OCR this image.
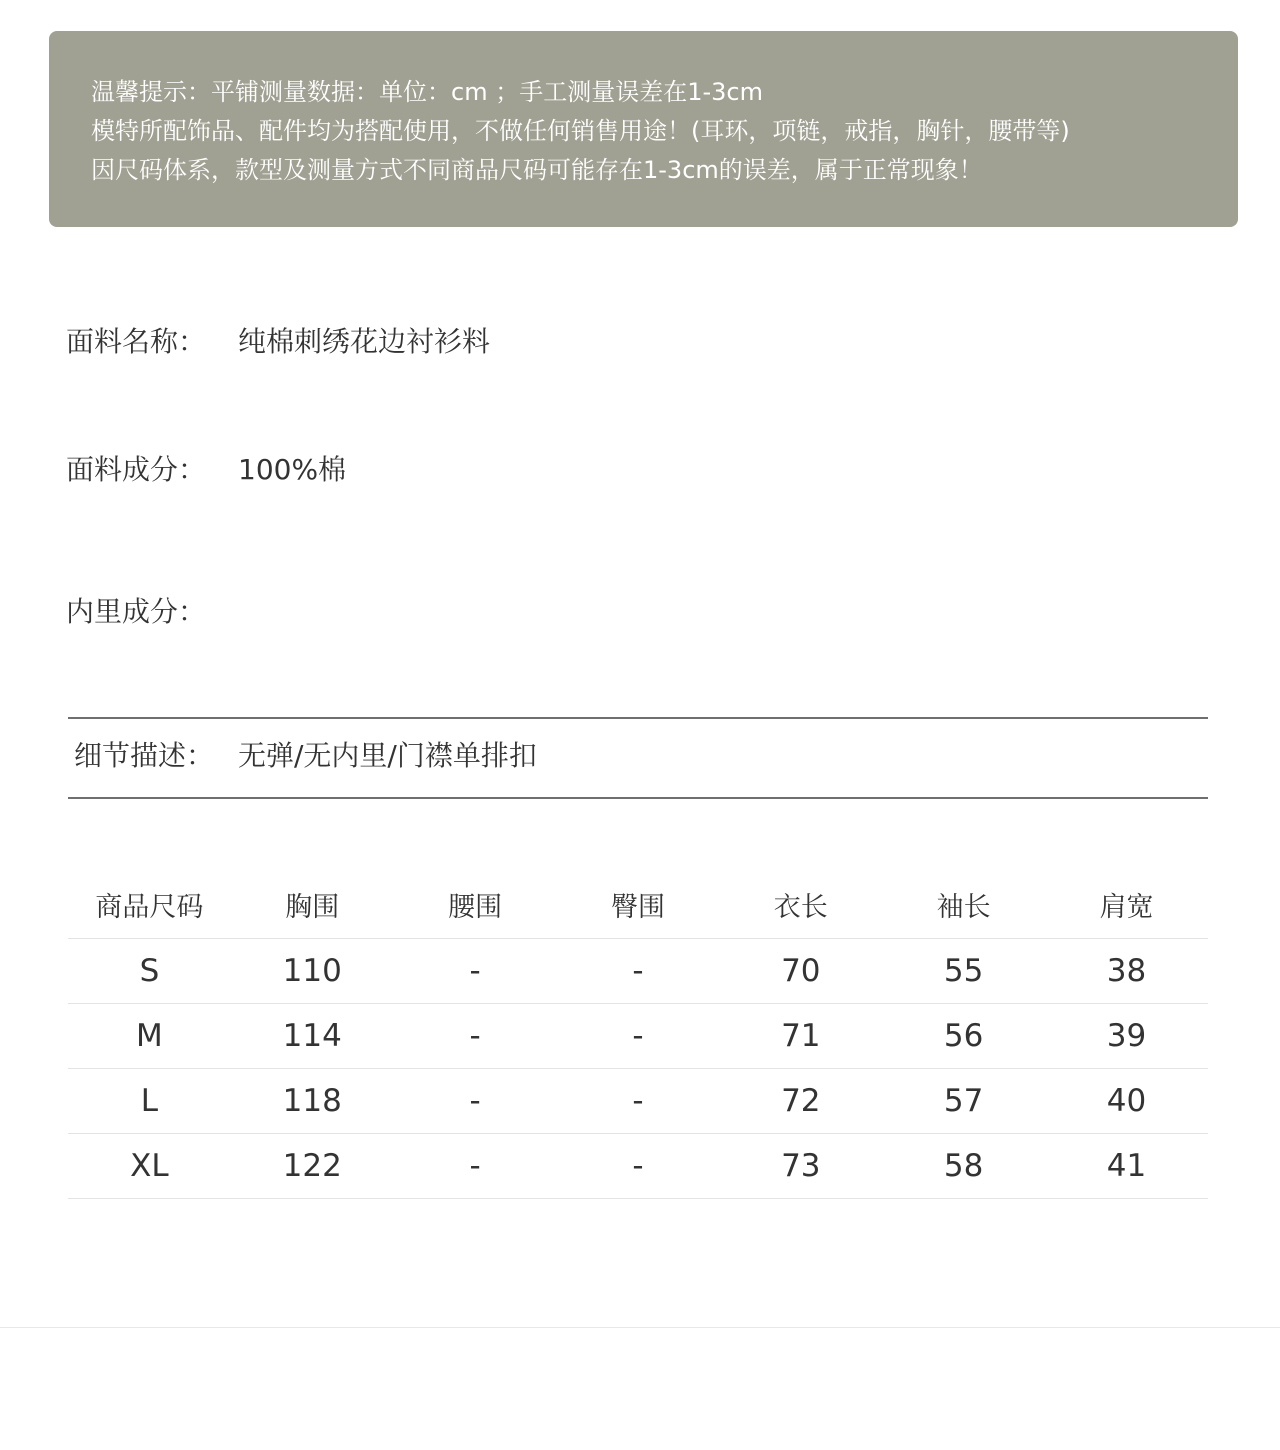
温馨提示：平铺测量数据：单位：cm ；手工测量误差在1-3cm
模特所配饰品、配件均为搭配使用，不做任何销售用途！(耳环，项链，戒指，胸针，腰带等)
因尺码体系，款型及测量方式不同商品尺码可能存在1-3cm的误差，属于正常现象！
面料名称： 纯棉刺绣花边衬衫料
面料成分： 100%棉
内里成分：
细节描述： 无弹/无内里/门襟单排扣
商品尺码	胸围	腰围	臀围	衣长	袖长	肩宽
S	110	-	-	70	55	38
M	114	-	-	71	56	39
L	118	-	-	72	57	40
XL	122	-	-	73	58	41
